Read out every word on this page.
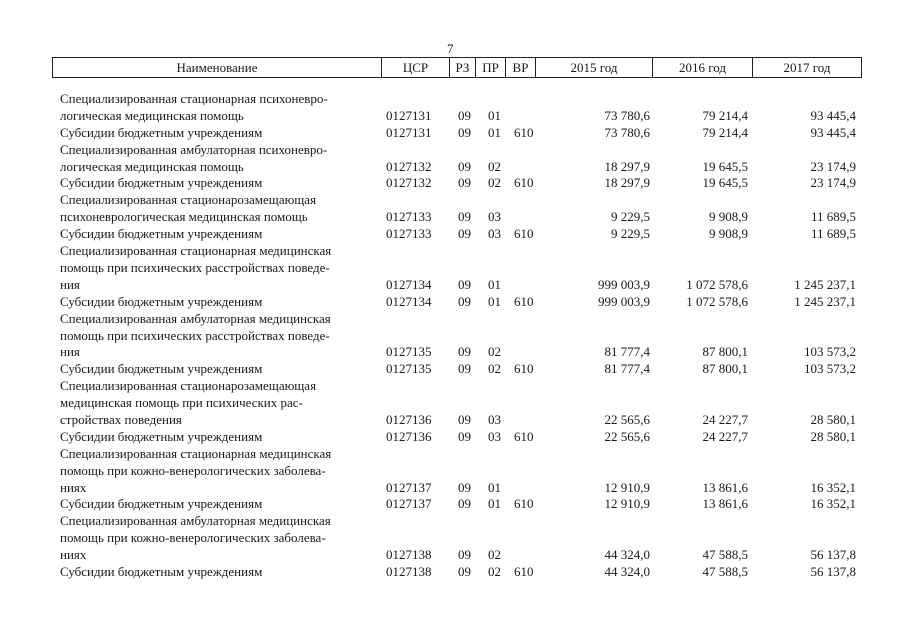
7
Наименование	ЦСР	РЗ ПР	ВР	2015 год	2016 год	2017 год
Специализированная стационарная психоневро-
логическая медицинская помощь	0127131 09 01	73 780,6	79 214,4	93 445,4
Субсидии бюджетным учреждениям	0127131 09 01 610	73 780,6	79 214,4	93 445,4
Специализированная амбулаторная психоневро-
логическая медицинская помощь	0127132 09 02	18 297,9	19 645,5	23 174,9
Субсидии бюджетным учреждениям	0127132 09 02 610	18 297,9	19 645,5	23 174,9
Специализированная стационарозамещающая
психоневрологическая медицинская помощь	0127133 09 03	9 229,5	9 908,9	11 689,5
Субсидии бюджетным учреждениям	0127133 09 03 610	9 229,5	9 908,9	11 689,5
Специализированная стационарная медицинская
помощь при психических расстройствах поведе-
ния	0127134 09 01	999 003,9	1 072 578,6	1 245 237,1
Субсидии бюджетным учреждениям	0127134 09 01 610	999 003,9	1 072 578,6	1 245 237,1
Специализированная амбулаторная медицинская
помощь при психических расстройствах поведе-
ния	0127135 09 02	81 777,4	87 800,1	103 573,2
Субсидии бюджетным учреждениям	0127135 09 02 610	81 777,4	87 800,1	103 573,2
Специализированная стационарозамещающая
медицинская помощь при психических рас-
стройствах поведения	0127136 09 03	22 565,6	24 227,7	28 580,1
Субсидии бюджетным учреждениям	0127136 09 03 610	22 565,6	24 227,7	28 580,1
Специализированная стационарная медицинская
помощь при кожно-венерологических заболева-
ниях	0127137 09 01	12 910,9	13 861,6	16 352,1
Субсидии бюджетным учреждениям	0127137 09 01 610	12 910,9	13 861,6	16 352,1
Специализированная амбулаторная медицинская
помощь при кожно-венерологических заболева-
ниях	0127138 09 02	44 324,0	47 588,5	56 137,8
Субсидии бюджетным учреждениям	0127138 09 02 610	44 324,0	47 588,5	56 137,8
